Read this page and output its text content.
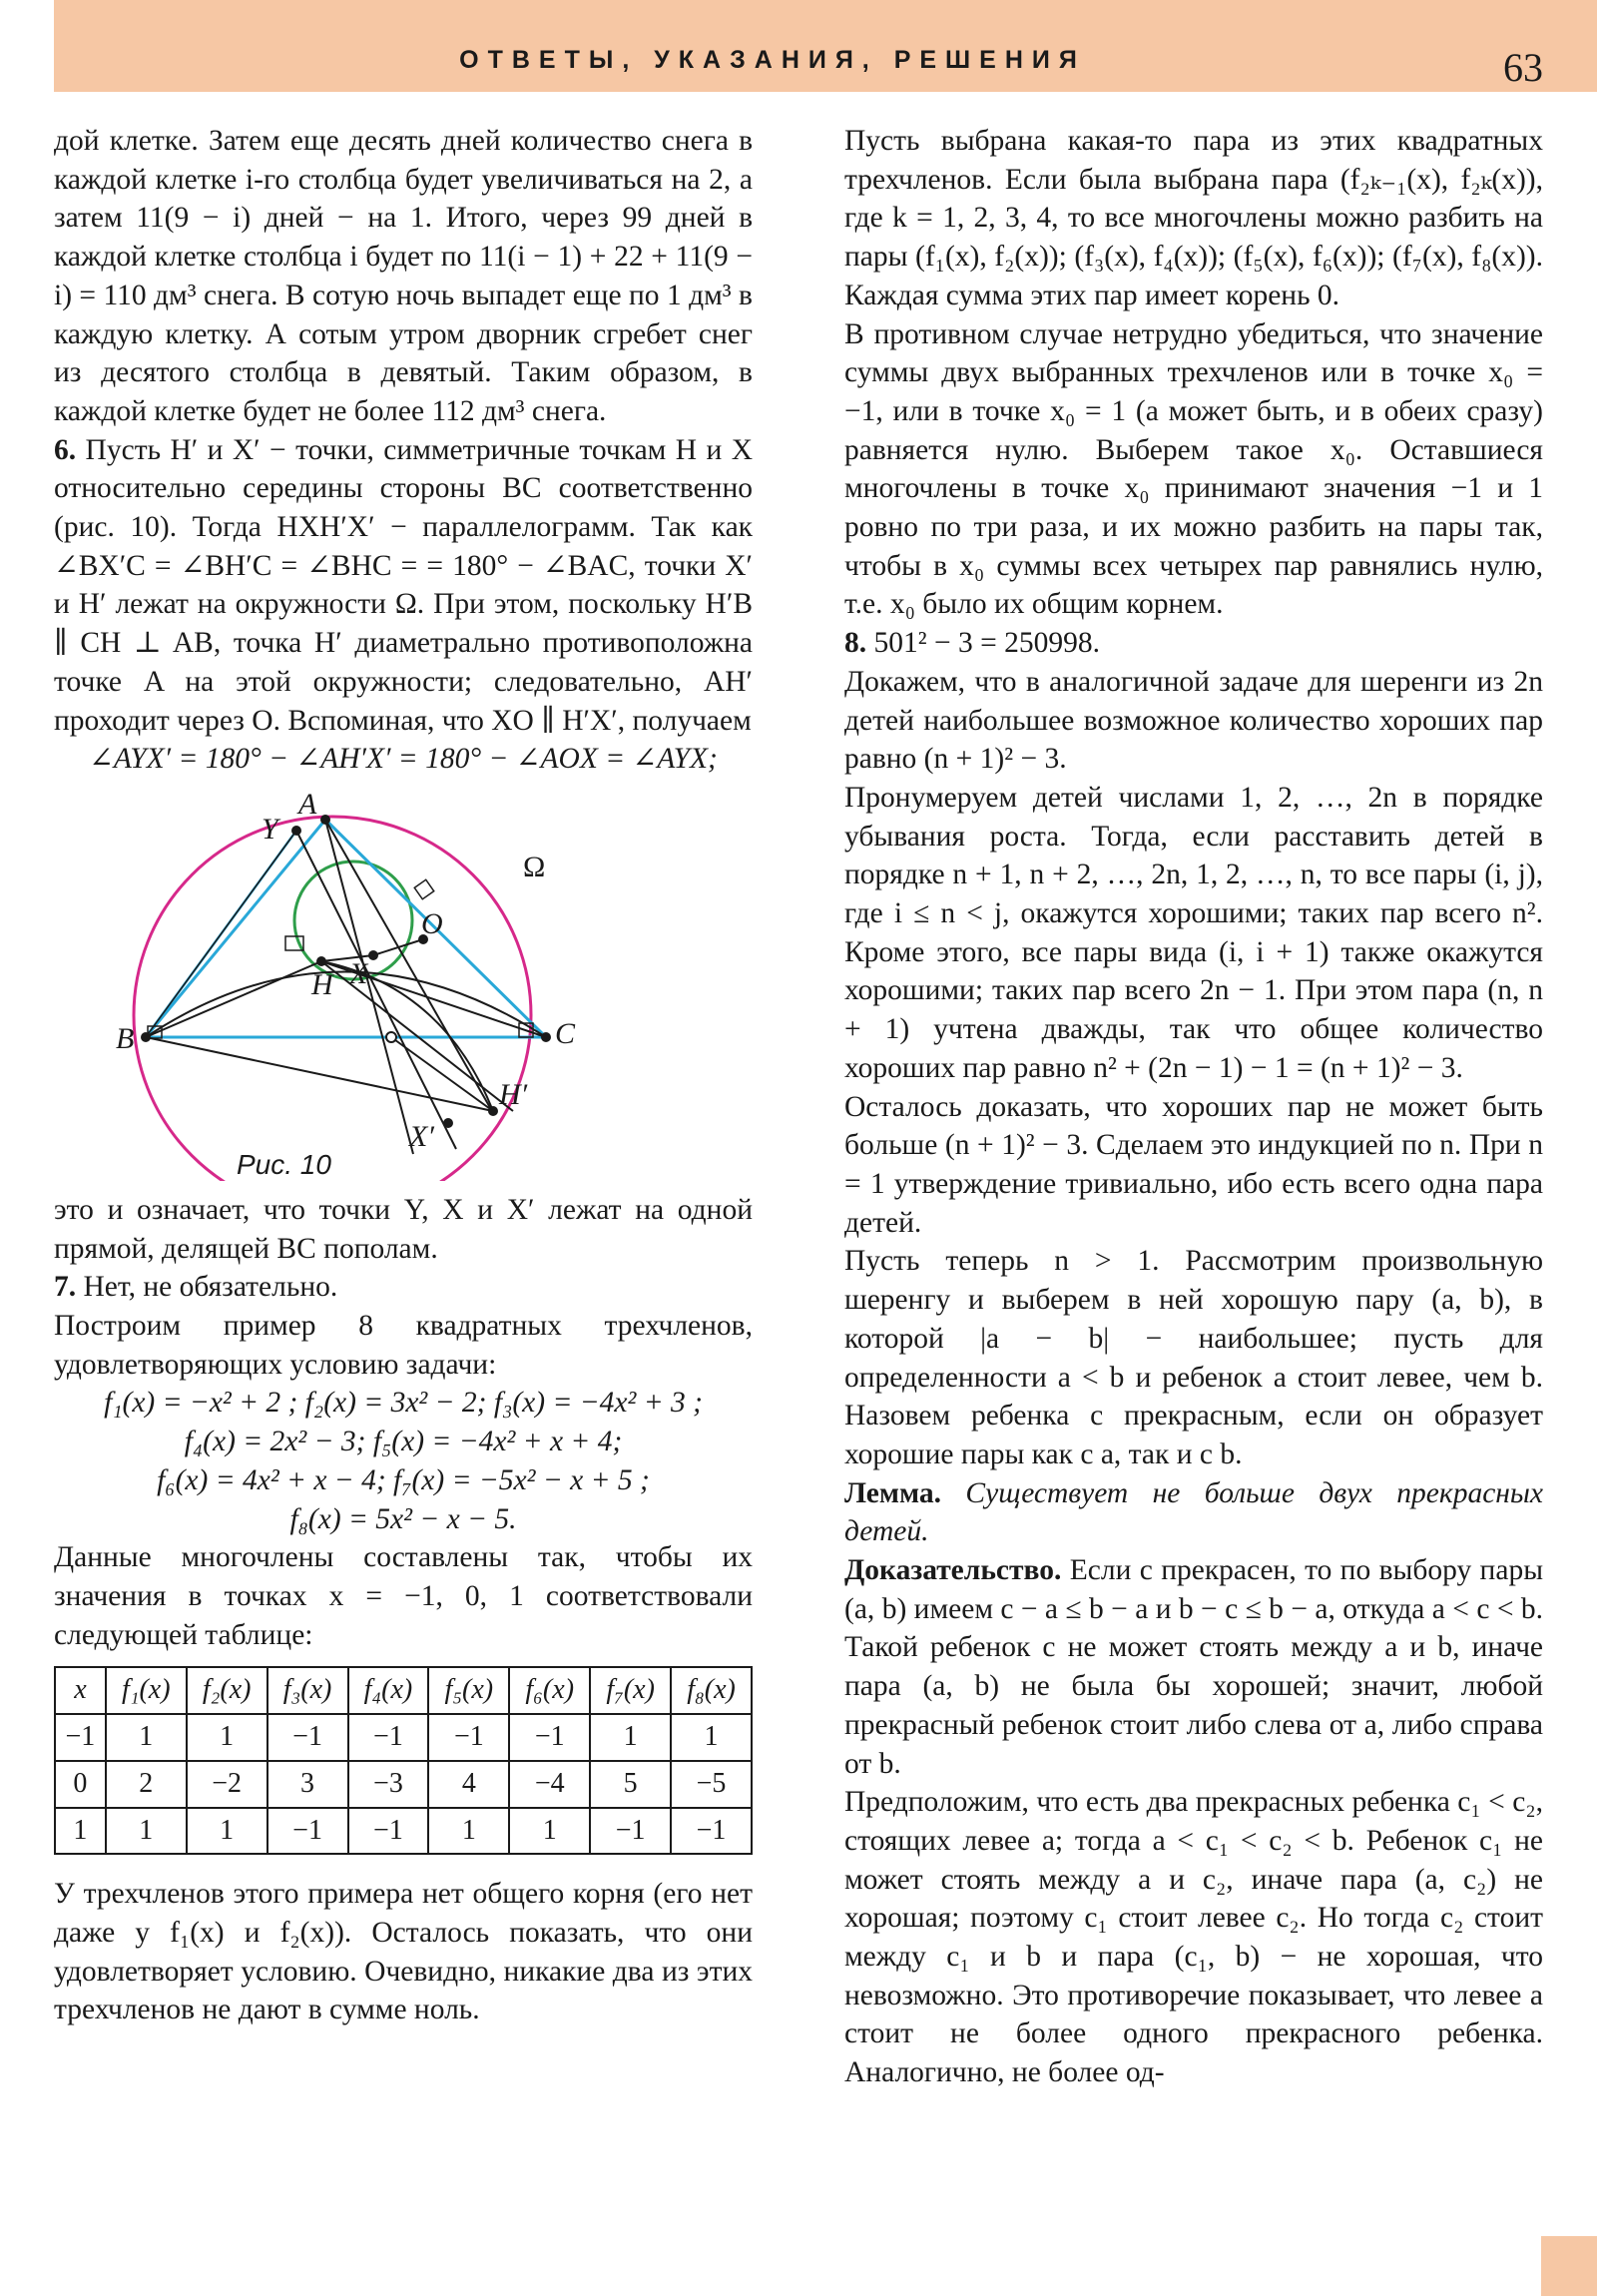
ОТВЕТЫ, УКАЗАНИЯ, РЕШЕНИЯ	63

дой клетке. Затем еще десять дней количество снега в каждой клетке i-го столбца будет увеличиваться на 2, а затем 11(9 − i) дней − на 1. Итого, через 99 дней в каждой клетке столбца i будет по 11(i − 1) + 22 + 11(9 − i) = 110 дм³ снега. В сотую ночь выпадет еще по 1 дм³ в каждую клетку. А сотым утром дворник сгребет снег из десятого столбца в девятый. Таким образом, в каждой клетке будет не более 112 дм³ снега.

6. Пусть H′ и X′ − точки, симметричные точкам H и X относительно середины стороны BC соответственно (рис. 10). Тогда HXH′X′ − параллелограмм. Так как ∠BX′C = ∠BH′C = ∠BHC = = 180° − ∠BAC, точки X′ и H′ лежат на окружности Ω. При этом, поскольку H′B ∥ CH ⊥ AB, точка H′ диаметрально противоположна точке A на этой окружности; следовательно, AH′ проходит через O. Вспоминая, что XO ∥ H′X′, получаем

∠AYX′ = 180° − ∠AH′X′ = 180° − ∠AOX = ∠AYX;

A
Y
O
X
H
B	C
H′
X′
Ω
Рис. 10

это и означает, что точки Y, X и X′ лежат на одной прямой, делящей BC пополам.

7. Нет, не обязательно.

Построим пример 8 квадратных трехчленов, удовлетворяющих условию задачи:

f₁(x) = −x² + 2 ; f₂(x) = 3x² − 2; f₃(x) = −4x² + 3 ;

f₄(x) = 2x² − 3; f₅(x) = −4x² + x + 4;

f₆(x) = 4x² + x − 4; f₇(x) = −5x² − x + 5 ;

f₈(x) = 5x² − x − 5.

Данные многочлены составлены так, чтобы их значения в точках x = −1, 0, 1 соответствовали следующей таблице:

x	f₁(x)	f₂(x)	f₃(x)	f₄(x)	f₅(x)	f₆(x)	f₇(x)	f₈(x)
−1	1	1	−1	−1	−1	−1	1	1
0	2	−2	3	−3	4	−4	5	−5
1	1	1	−1	−1	1	1	−1	−1

У трехчленов этого примера нет общего корня (его нет даже у f₁(x) и f₂(x)). Осталось показать, что они удовлетворяет условию. Очевидно, никакие два из этих трехчленов не дают в сумме ноль.

Пусть выбрана какая-то пара из этих квадратных трехчленов. Если была выбрана пара (f₂ₖ₋₁(x), f₂ₖ(x)), где k = 1, 2, 3, 4, то все многочлены можно разбить на пары (f₁(x), f₂(x)); (f₃(x), f₄(x)); (f₅(x), f₆(x)); (f₇(x), f₈(x)). Каждая сумма этих пар имеет корень 0.

В противном случае нетрудно убедиться, что значение суммы двух выбранных трехчленов или в точке x₀ = −1, или в точке x₀ = 1 (а может быть, и в обеих сразу) равняется нулю. Выберем такое x₀. Оставшиеся многочлены в точке x₀ принимают значения −1 и 1 ровно по три раза, и их можно разбить на пары так, чтобы в x₀ суммы всех четырех пар равнялись нулю, т.е. x₀ было их общим корнем.

8. 501² − 3 = 250998.

Докажем, что в аналогичной задаче для шеренги из 2n детей наибольшее возможное количество хороших пар равно (n + 1)² − 3.

Пронумеруем детей числами 1, 2, …, 2n в порядке убывания роста. Тогда, если расставить детей в порядке n + 1, n + 2, …, 2n, 1, 2, …, n, то все пары (i, j), где i ≤ n < j, окажутся хорошими; таких пар всего n². Кроме этого, все пары вида (i, i + 1) также окажутся хорошими; таких пар всего 2n − 1. При этом пара (n, n + 1) учтена дважды, так что общее количество хороших пар равно n² + (2n − 1) − 1 = (n + 1)² − 3.

Осталось доказать, что хороших пар не может быть больше (n + 1)² − 3. Сделаем это индукцией по n. При n = 1 утверждение тривиально, ибо есть всего одна пара детей.

Пусть теперь n > 1. Рассмотрим произвольную шеренгу и выберем в ней хорошую пару (a, b), в которой |a − b| − наибольшее; пусть для определенности a < b и ребенок a стоит левее, чем b. Назовем ребенка c прекрасным, если он образует хорошие пары как с a, так и с b.

Лемма. Существует не больше двух прекрасных детей.

Доказательство. Если c прекрасен, то по выбору пары (a, b) имеем c − a ≤ b − a и b − c ≤ b − a, откуда a < c < b. Такой ребенок c не может стоять между a и b, иначе пара (a, b) не была бы хорошей; значит, любой прекрасный ребенок стоит либо слева от a, либо справа от b.

Предположим, что есть два прекрасных ребенка c₁ < c₂, стоящих левее a; тогда a < c₁ < c₂ < b. Ребенок c₁ не может стоять между a и c₂, иначе пара (a, c₂) не хорошая; поэтому c₁ стоит левее c₂. Но тогда c₂ стоит между c₁ и b и пара (c₁, b) − не хорошая, что невозможно. Это противоречие показывает, что левее a стоит не более одного прекрасного ребенка. Аналогично, не более од-
